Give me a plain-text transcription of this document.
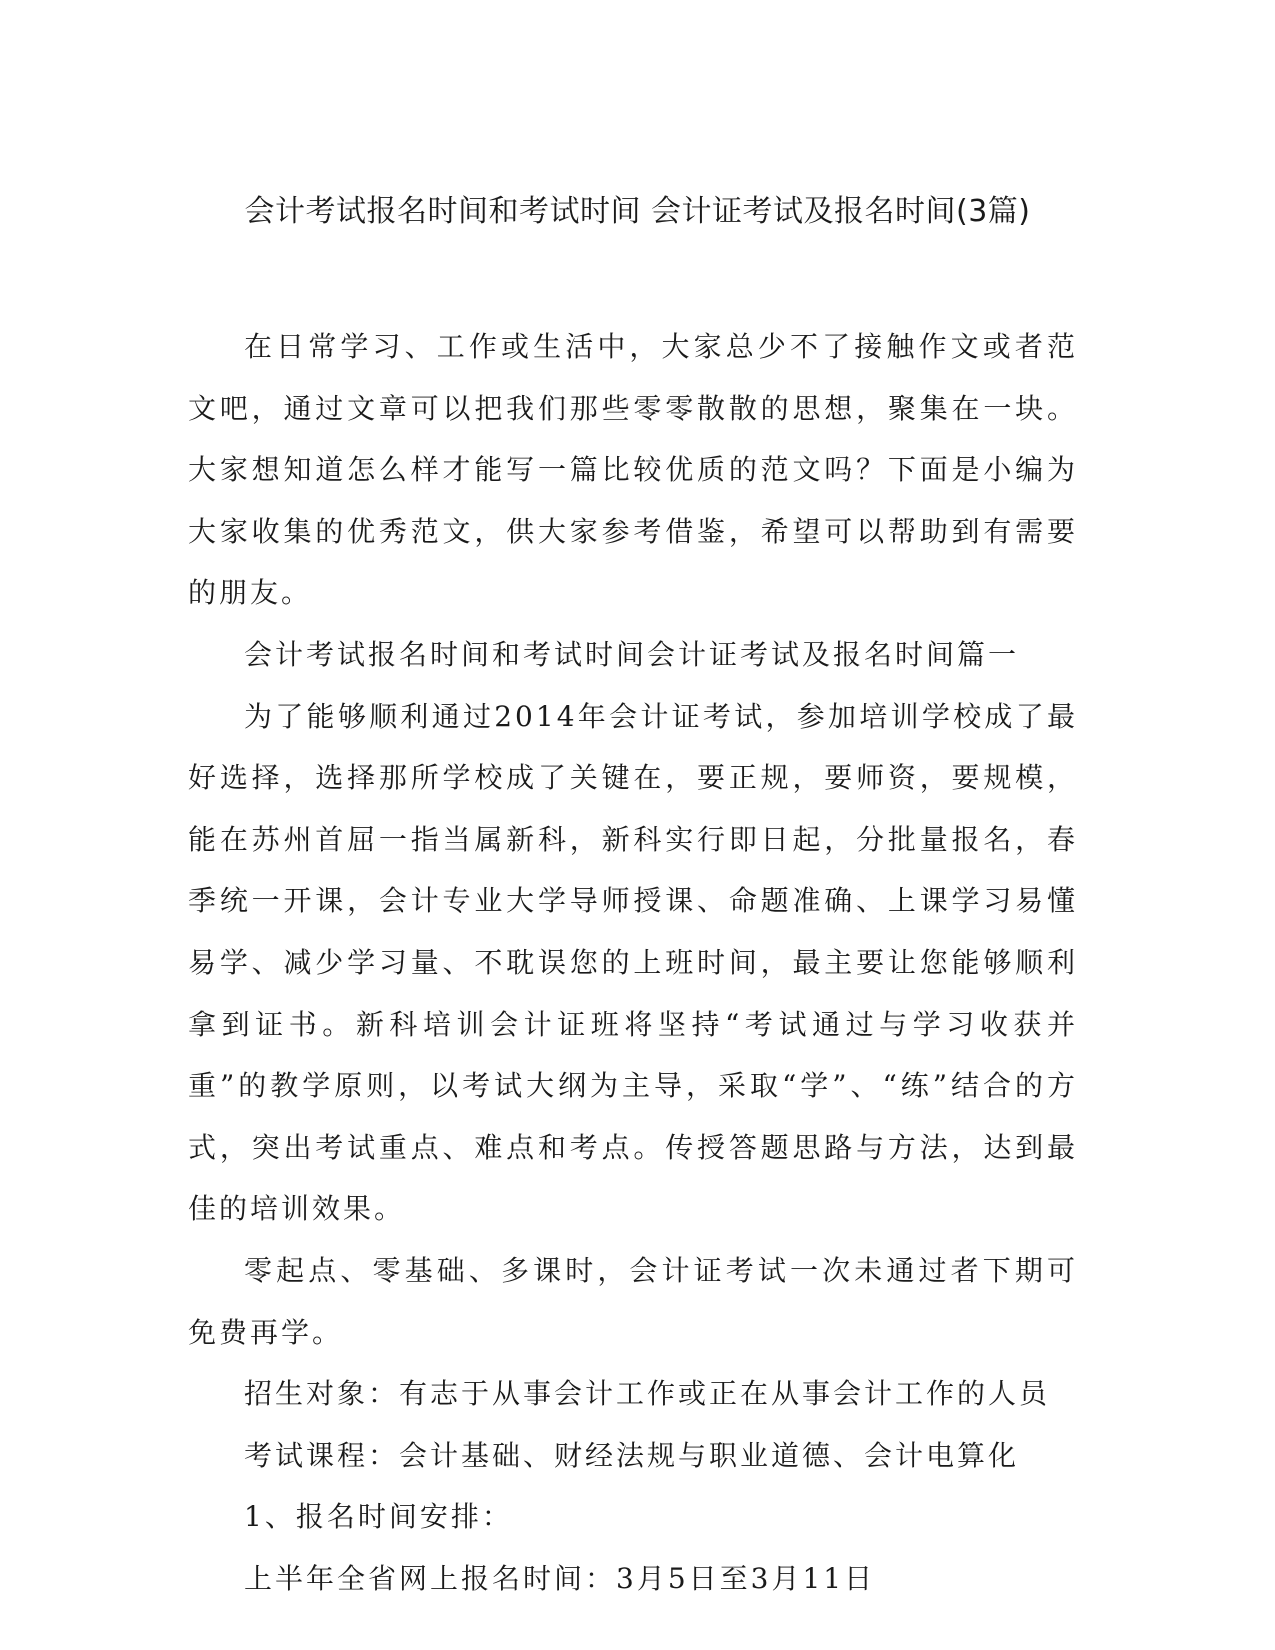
会计考试报名时间和考试时间 会计证考试及报名时间(3篇)

在日常学习、工作或生活中，大家总少不了接触作文或者范文吧，通过文章可以把我们那些零零散散的思想，聚集在一块。大家想知道怎么样才能写一篇比较优质的范文吗？下面是小编为大家收集的优秀范文，供大家参考借鉴，希望可以帮助到有需要的朋友。

会计考试报名时间和考试时间会计证考试及报名时间篇一

为了能够顺利通过2014年会计证考试，参加培训学校成了最好选择，选择那所学校成了关键在，要正规，要师资，要规模，能在苏州首屈一指当属新科，新科实行即日起，分批量报名，春季统一开课，会计专业大学导师授课、命题准确、上课学习易懂易学、减少学习量、不耽误您的上班时间，最主要让您能够顺利拿到证书。新科培训会计证班将坚持“考试通过与学习收获并重”的教学原则，以考试大纲为主导，采取“学”、“练”结合的方式，突出考试重点、难点和考点。传授答题思路与方法，达到最佳的培训效果。

零起点、零基础、多课时，会计证考试一次未通过者下期可免费再学。

招生对象：有志于从事会计工作或正在从事会计工作的人员

考试课程：会计基础、财经法规与职业道德、会计电算化

1、报名时间安排：

上半年全省网上报名时间：3月5日至3月11日
